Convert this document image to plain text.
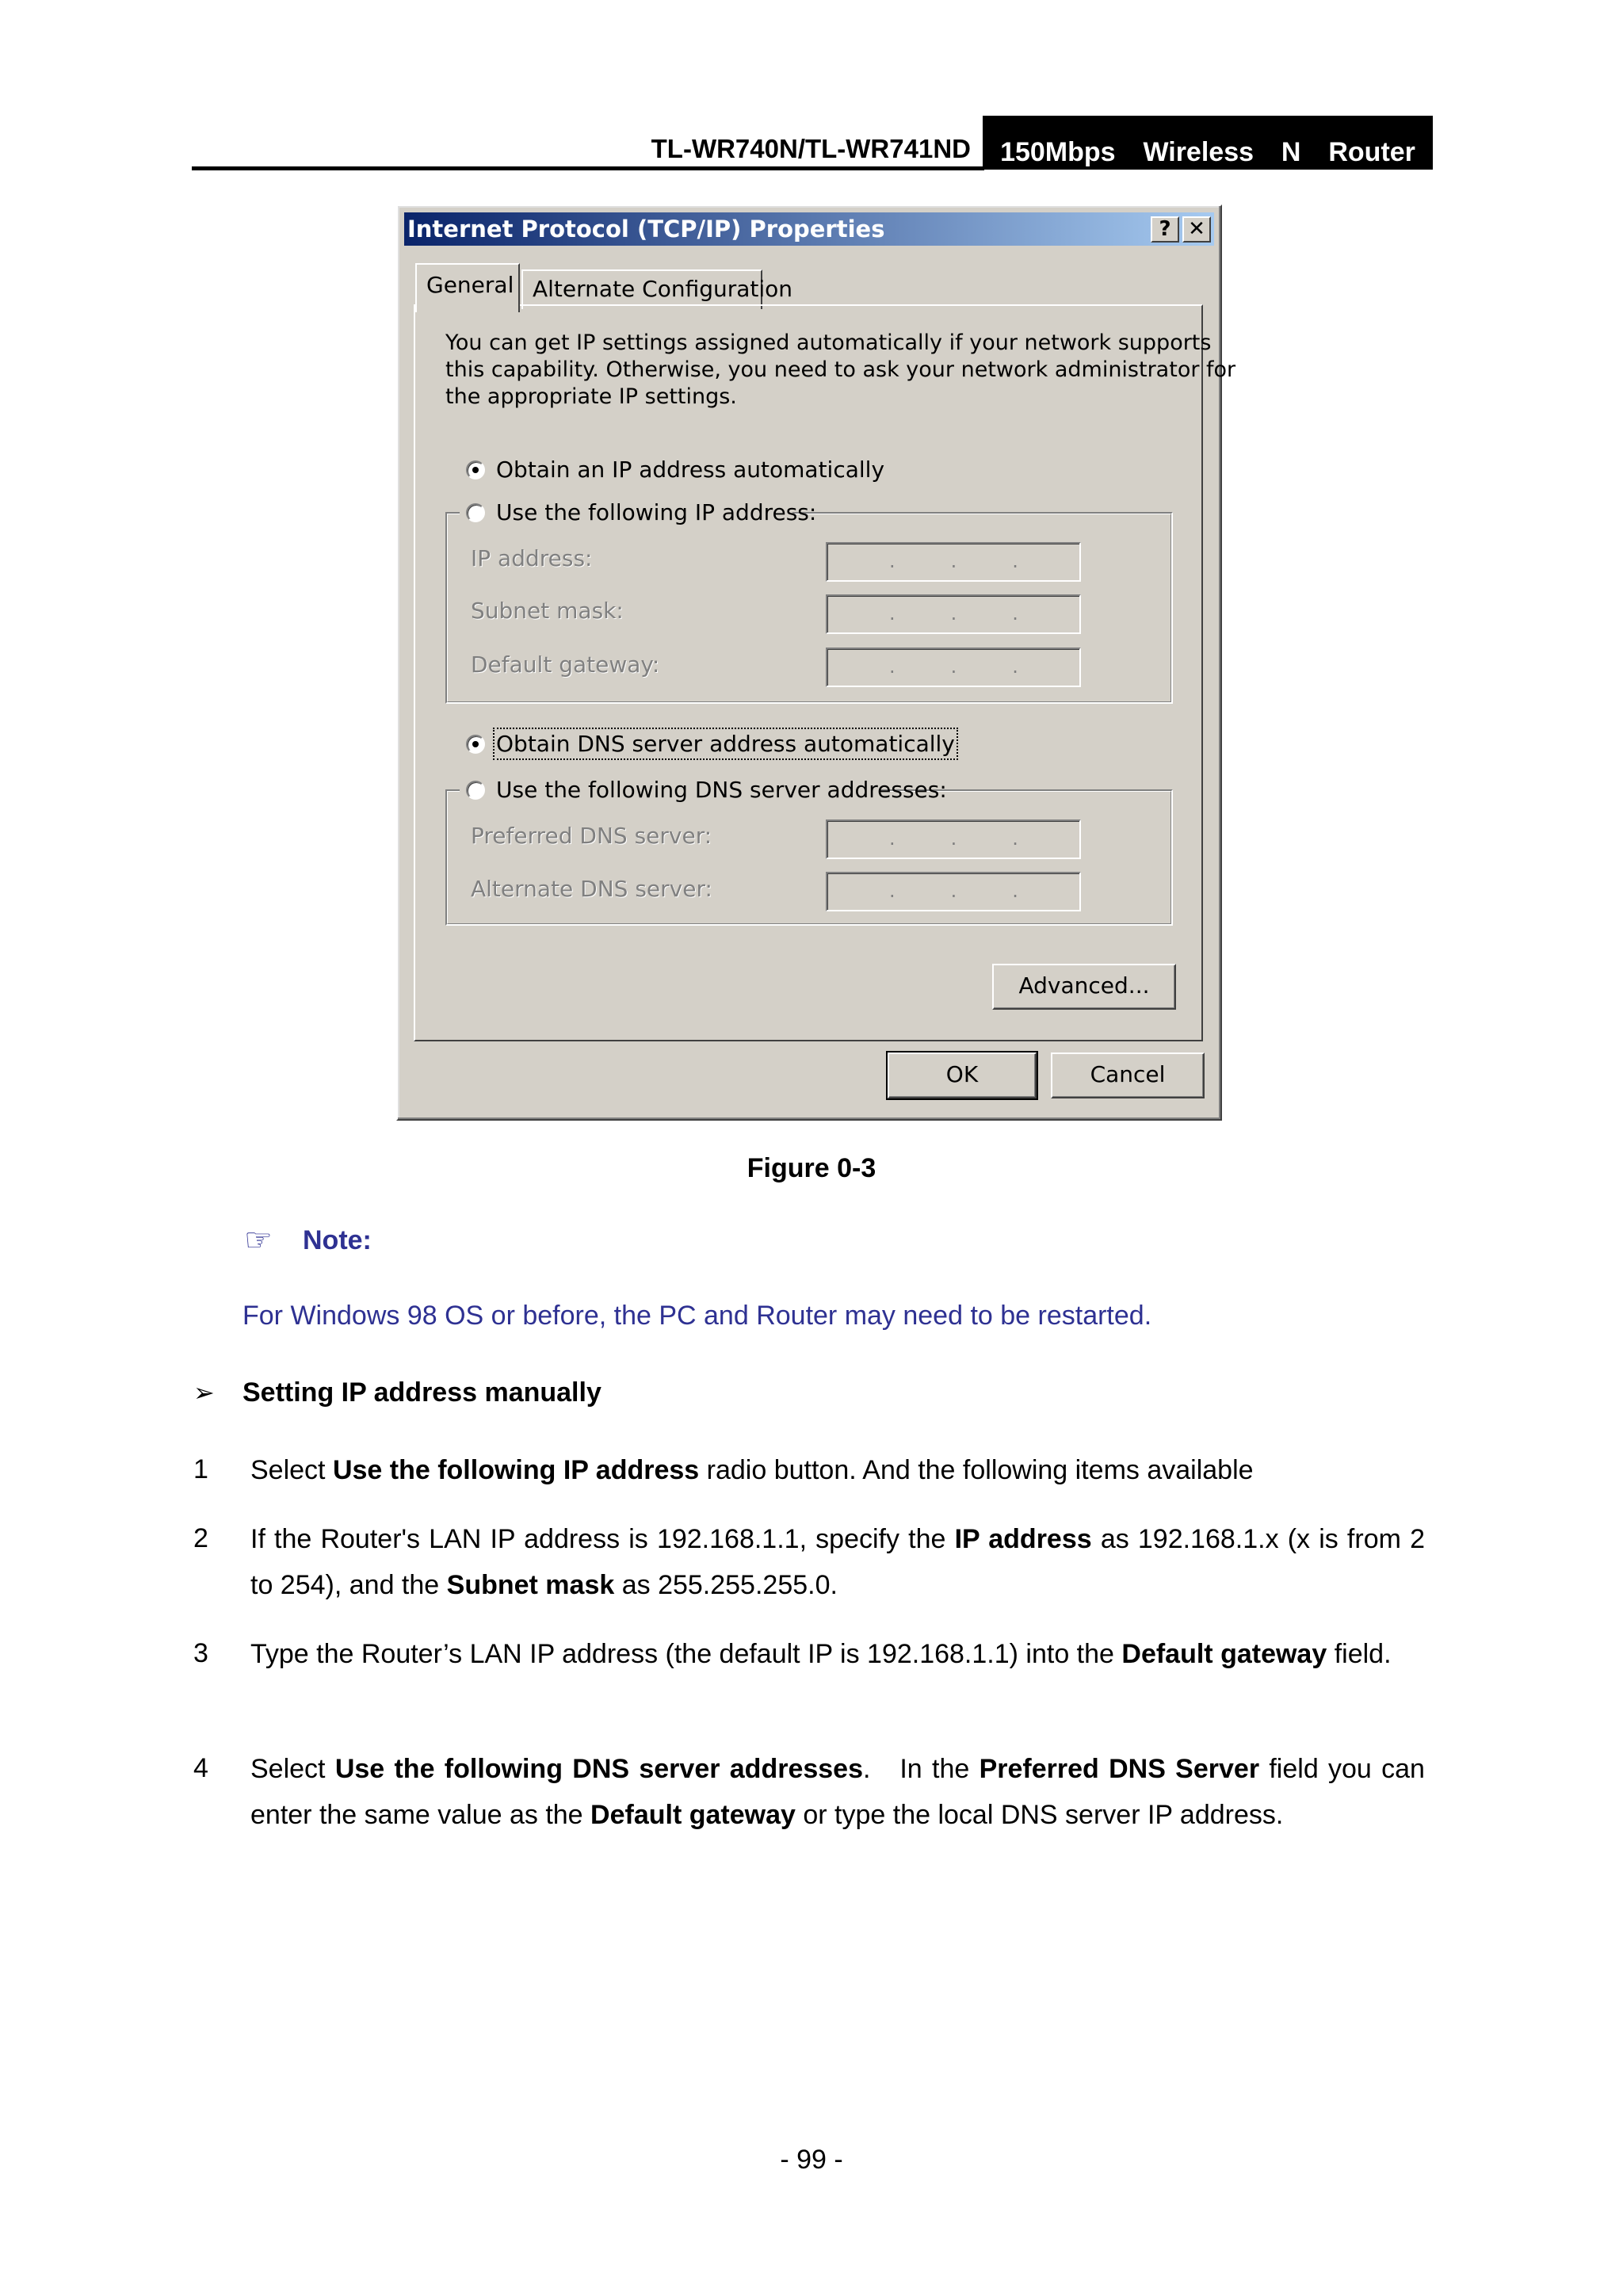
TL-WR740N/TL-WR741ND 150Mbps  Wireless  N  Router
Internet Protocol (TCP/IP) Properties	? ✕
General Alternate Configuration
You can get IP settings assigned automatically if your network supports
this capability. Otherwise, you need to ask your network administrator for
the appropriate IP settings.
Obtain an IP address automatically
Use the following IP address:
IP address:	...
Subnet mask:	...
Default gateway:	...
Obtain DNS server address automatically
Use the following DNS server addresses:
Preferred DNS server:	...
Alternate DNS server:	...
Advanced...
OK	Cancel
Figure 0-3
☞ Note:
For Windows 98 OS or before, the PC and Router may need to be restarted.
➢ Setting IP address manually
1 Select Use the following IP address radio button. And the following items available
2 If the Router's LAN IP address is 192.168.1.1, specify the IP address as 192.168.1.x (x is from 2 to 254), and the Subnet mask as 255.255.255.0.
3 Type the Router’s LAN IP address (the default IP is 192.168.1.1) into the Default gateway field.
4 Select Use the following DNS server addresses.   In the Preferred DNS Server field you can enter the same value as the Default gateway or type the local DNS server IP address.
- 99 -
